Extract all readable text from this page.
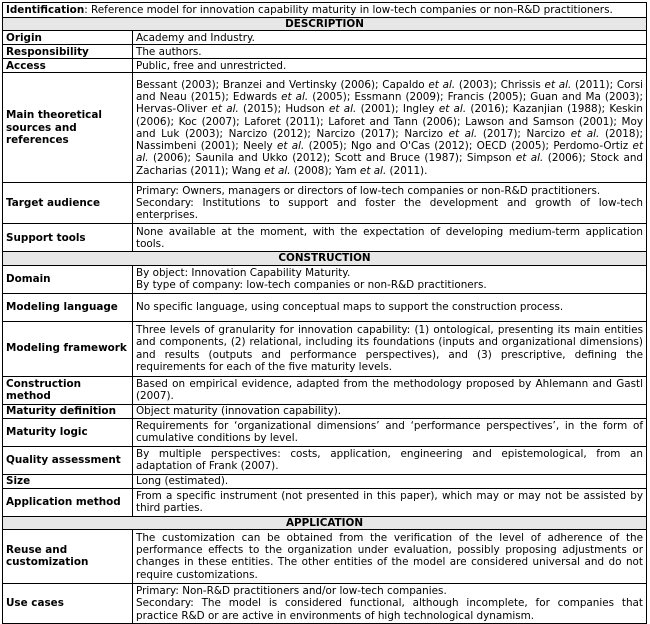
Identification: Reference model for innovation capability maturity in low-tech companies or non-R&D practitioners.	
DESCRIPTION	
Origin	Academy and Industry.
Responsibility	The authors.
Access	Public, free and unrestricted.
Main theoretical sources and references	Bessant (2003); Branzei and Vertinsky (2006); Capaldo et al. (2003); Chrissis et al. (2011); Corsi and Neau (2015); Edwards et al. (2005); Essmann (2009); Francis (2005); Guan and Ma (2003); Hervas-Oliver et al. (2015); Hudson et al. (2001); Ingley et al. (2016); Kazanjian (1988); Keskin (2006); Koc (2007); Laforet (2011); Laforet and Tann (2006); Lawson and Samson (2001); Moy and Luk (2003); Narcizo (2012); Narcizo (2017); Narcizo et al. (2017); Narcizo et al. (2018); Nassimbeni (2001); Neely et al. (2005); Ngo and O'Cas (2012); OECD (2005); Perdomo-Ortiz et al. (2006); Saunila and Ukko (2012); Scott and Bruce (1987); Simpson et al. (2006); Stock and Zacharias (2011); Wang et al. (2008); Yam et al. (2011).
Target audience	Primary: Owners, managers or directors of low-tech companies or non-R&D practitioners.
Secondary: Institutions to support and foster the development and growth of low-tech enterprises.

Support tools	None available at the moment, with the expectation of developing medium-term application tools.
CONSTRUCTION	
Domain	By object: Innovation Capability Maturity.
By type of company: low-tech companies or non-R&D practitioners.

Modeling language	No specific language, using conceptual maps to support the construction process.
Modeling framework	Three levels of granularity for innovation capability: (1) ontological, presenting its main entities and components, (2) relational, including its foundations (inputs and organizational dimensions) and results (outputs and performance perspectives), and (3) prescriptive, defining the requirements for each of the five maturity levels.
Construction method	Based on empirical evidence, adapted from the methodology proposed by Ahlemann and Gastl (2007).
Maturity definition	Object maturity (innovation capability).
Maturity logic	Requirements for ‘organizational dimensions’ and ‘performance perspectives’, in the form of cumulative conditions by level.
Quality assessment	By multiple perspectives: costs, application, engineering and epistemological, from an adaptation of Frank (2007).
Size	Long (estimated).
Application method	From a specific instrument (not presented in this paper), which may or may not be assisted by third parties.
APPLICATION	
Reuse and customization	The customization can be obtained from the verification of the level of adherence of the performance effects to the organization under evaluation, possibly proposing adjustments or changes in these entities. The other entities of the model are considered universal and do not require customizations.
Use cases	Primary: Non-R&D practitioners and/or low-tech companies.
Secondary: The model is considered functional, although incomplete, for companies that practice R&D or are active in environments of high technological dynamism.
